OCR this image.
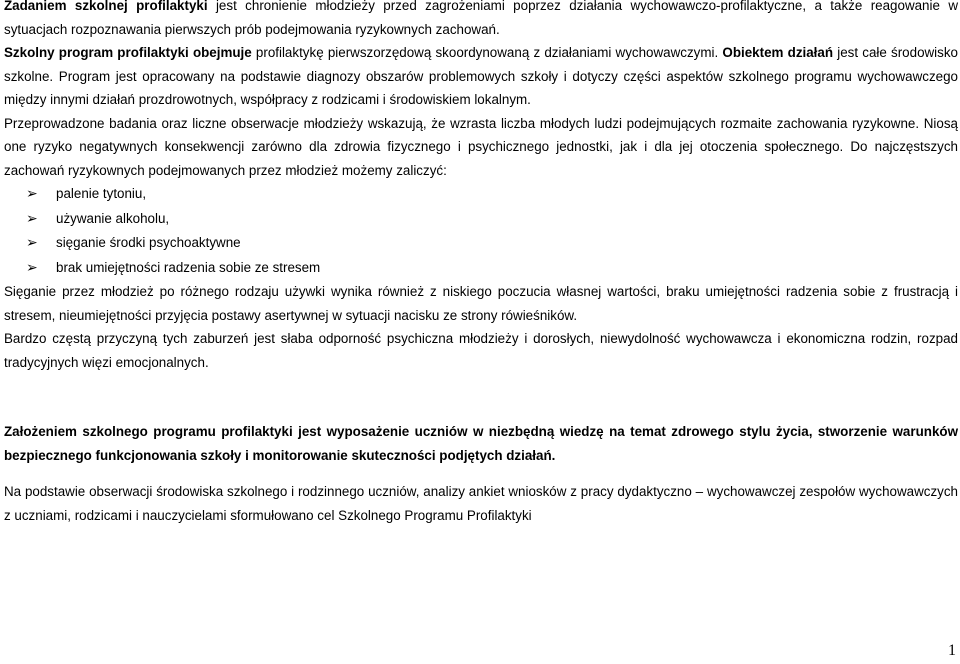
Zadaniem szkolnej profilaktyki jest chronienie młodzieży przed zagrożeniami poprzez działania wychowawczo-profilaktyczne, a także reagowanie w sytuacjach rozpoznawania pierwszych prób podejmowania ryzykownych zachowań.

Szkolny program profilaktyki obejmuje profilaktykę pierwszorzędową skoordynowaną z działaniami wychowawczymi. Obiektem działań jest całe środowisko szkolne. Program jest opracowany na podstawie diagnozy obszarów problemowych szkoły i dotyczy części aspektów szkolnego programu wychowawczego między innymi działań prozdrowotnych, współpracy z rodzicami i środowiskiem lokalnym.

Przeprowadzone badania oraz liczne obserwacje młodzieży wskazują, że wzrasta liczba młodych ludzi podejmujących rozmaite zachowania ryzykowne. Niosą one ryzyko negatywnych konsekwencji zarówno dla zdrowia fizycznego i psychicznego jednostki, jak i dla jej otoczenia społecznego. Do najczęstszych zachowań ryzykownych podejmowanych przez młodzież możemy zaliczyć:

➢ palenie tytoniu,
➢ używanie alkoholu,
➢ sięganie środki psychoaktywne
➢ brak umiejętności radzenia sobie ze stresem

Sięganie przez młodzież po różnego rodzaju używki wynika również z niskiego poczucia własnej wartości, braku umiejętności radzenia sobie z frustracją i stresem, nieumiejętności przyjęcia postawy asertywnej w sytuacji nacisku ze strony rówieśników.

Bardzo częstą przyczyną tych zaburzeń jest słaba odporność psychiczna młodzieży i dorosłych, niewydolność wychowawcza i ekonomiczna rodzin, rozpad tradycyjnych więzi emocjonalnych.

Założeniem szkolnego programu profilaktyki jest wyposażenie uczniów w niezbędną wiedzę na temat zdrowego stylu życia, stworzenie warunków bezpiecznego funkcjonowania szkoły i monitorowanie skuteczności podjętych działań.

Na podstawie obserwacji środowiska szkolnego i rodzinnego uczniów, analizy ankiet wniosków z pracy dydaktyczno – wychowawczej zespołów wychowawczych z uczniami, rodzicami i nauczycielami sformułowano cel Szkolnego Programu Profilaktyki

1
